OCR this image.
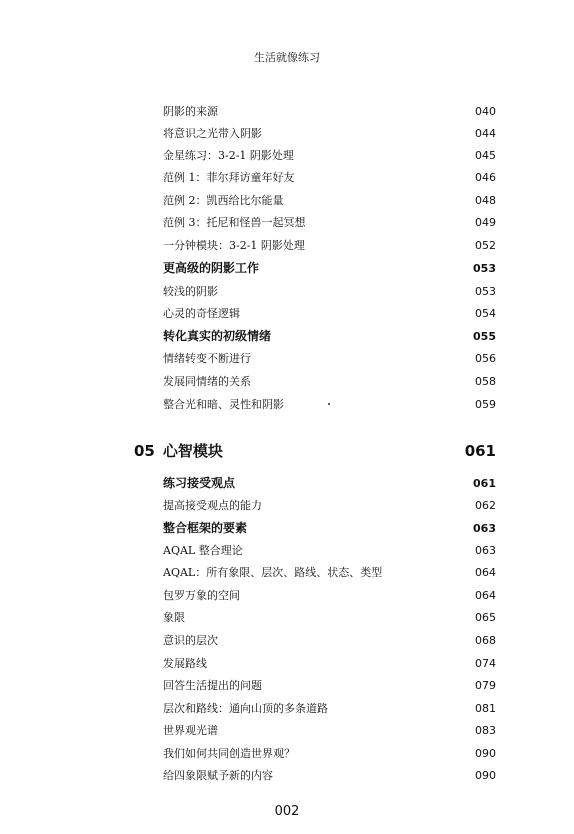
生活就像练习
阴影的来源	040
将意识之光带入阴影	044
金星练习：3-2-1 阴影处理	045
范例 1：菲尔拜访童年好友	046
范例 2：凯西给比尔能量	048
范例 3：托尼和怪兽一起冥想	049
一分钟模块：3-2-1 阴影处理	052
更高级的阴影工作	053
较浅的阴影	053
心灵的奇怪逻辑	054
转化真实的初级情绪	055
情绪转变不断进行	056
发展同情绪的关系	058
整合光和暗、灵性和阴影	059
05 心智模块	061
练习接受观点	061
提高接受观点的能力	062
整合框架的要素	063
AQAL 整合理论	063
AQAL：所有象限、层次、路线、状态、类型	064
包罗万象的空间	064
象限	065
意识的层次	068
发展路线	074
回答生活提出的问题	079
层次和路线：通向山顶的多条道路	081
世界观光谱	083
我们如何共同创造世界观？	090
给四象限赋予新的内容	090
002
